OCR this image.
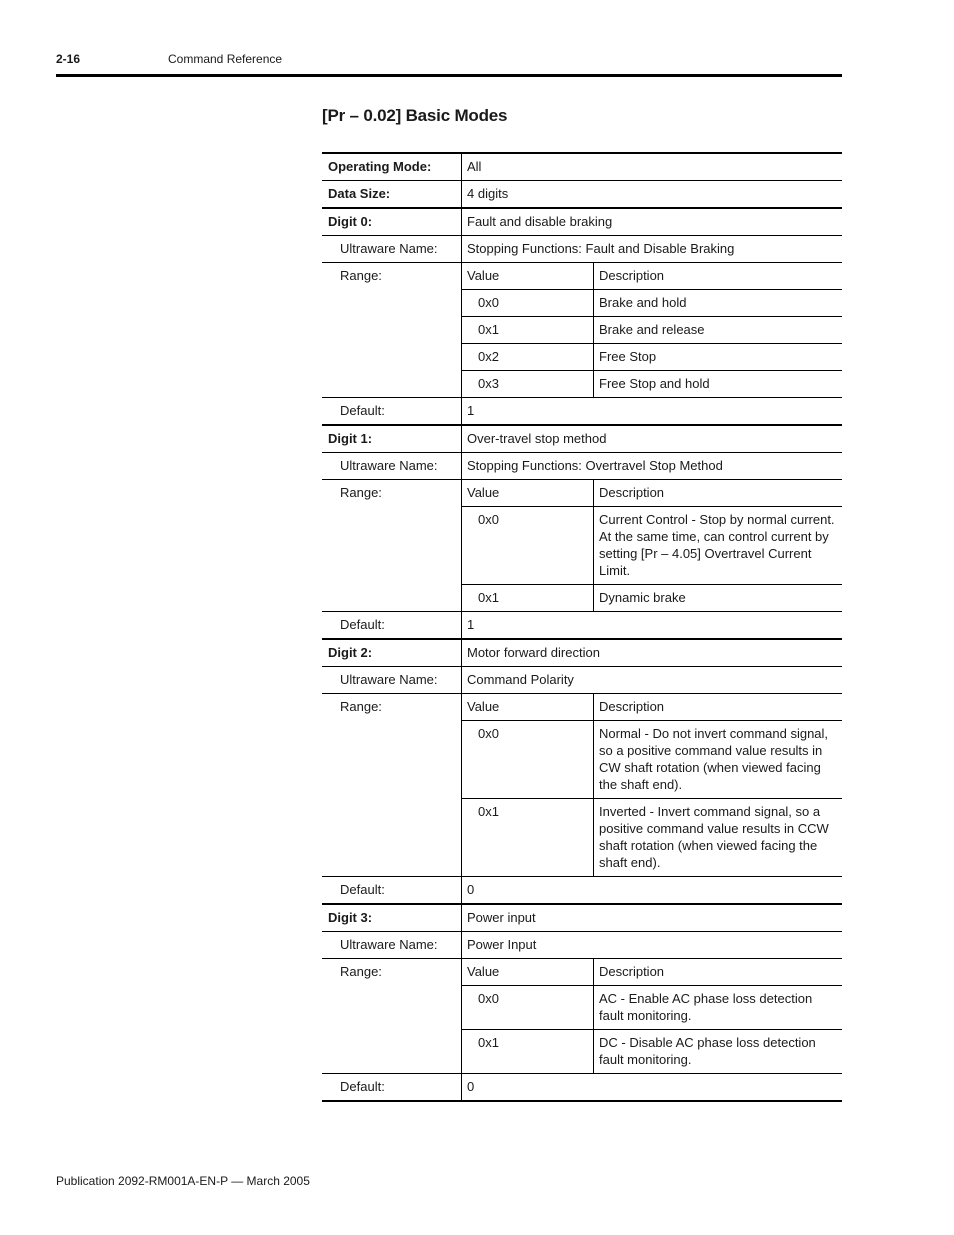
2-16	Command Reference
[Pr – 0.02] Basic Modes
Operating Mode:	All
Data Size:	4 digits
Digit 0:	Fault and disable braking
Ultraware Name:	Stopping Functions: Fault and Disable Braking
Range:		Value	Description
0x0	Brake and hold
0x1	Brake and release
0x2	Free Stop
0x3	Free Stop and hold

Default:	1
Digit 1:	Over-travel stop method
Ultraware Name:	Stopping Functions: Overtravel Stop Method
Range:		Value	Description
0x0	Current Control - Stop by normal current. At the same time, can control current by setting [Pr – 4.05] Overtravel Current Limit.
0x1	Dynamic brake

Default:	1
Digit 2:	Motor forward direction
Ultraware Name:	Command Polarity
Range:		Value	Description
0x0	Normal - Do not invert command signal, so a positive command value results in CW shaft rotation (when viewed facing the shaft end).
0x1	Inverted - Invert command signal, so a positive command value results in CCW shaft rotation (when viewed facing the shaft end).

Default:	0
Digit 3:	Power input
Ultraware Name:	Power Input
Range:		Value	Description
0x0	AC - Enable AC phase loss detection fault monitoring.
0x1	DC - Disable AC phase loss detection fault monitoring.

Default:	0
Publication 2092-RM001A-EN-P — March 2005
